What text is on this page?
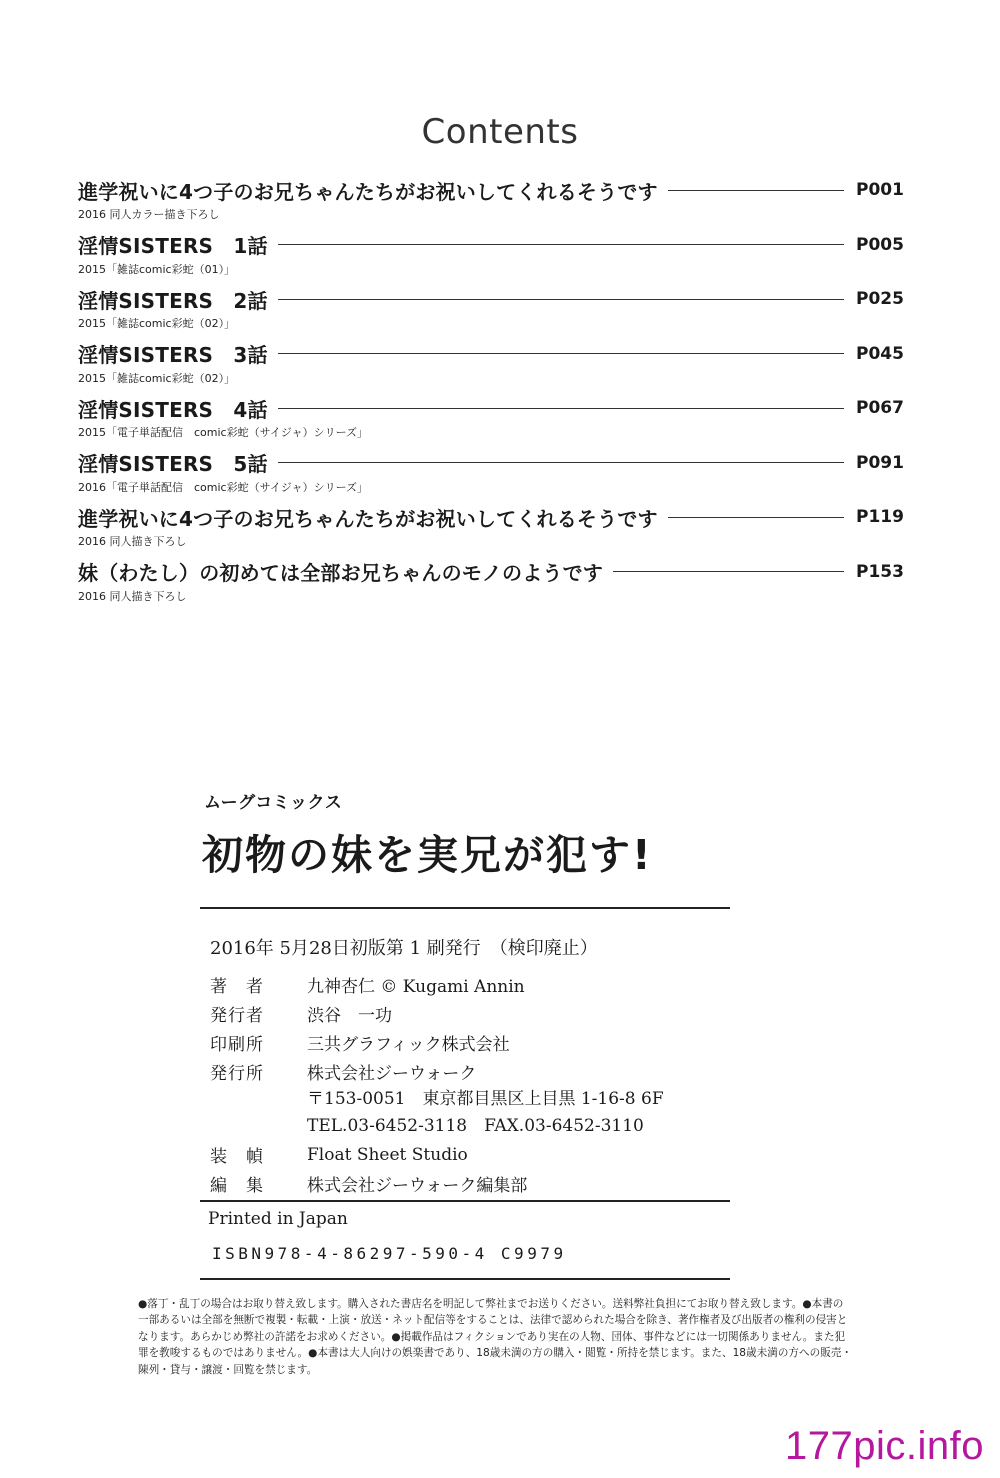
Contents
進学祝いに4つ子のお兄ちゃんたちがお祝いしてくれるそうです	P001
2016 同人カラー描き下ろし
淫情SISTERS　1話	P005
2015「雑誌comic彩蛇（01）」
淫情SISTERS　2話	P025
2015「雑誌comic彩蛇（02）」
淫情SISTERS　3話	P045
2015「雑誌comic彩蛇（02）」
淫情SISTERS　4話	P067
2015「電子単話配信　comic彩蛇（サイジャ）シリーズ」
淫情SISTERS　5話	P091
2016「電子単話配信　comic彩蛇（サイジャ）シリーズ」
進学祝いに4つ子のお兄ちゃんたちがお祝いしてくれるそうです	P119
2016 同人描き下ろし
妹（わたし）の初めては全部お兄ちゃんのモノのようです	P153
2016 同人描き下ろし
ムーグコミックス
初物の妹を実兄が犯す!
2016年 5月28日初版第 1 刷発行　（検印廃止）
著　者	九神杏仁 © Kugami Annin
発行者	渋谷　一功
印刷所	三共グラフィック株式会社
発行所	株式会社ジーウォーク
〒153-0051　東京都目黒区上目黒 1-16-8 6F
TEL.03-6452-3118　FAX.03-6452-3110
装　幀	Float Sheet Studio
編　集	株式会社ジーウォーク編集部
Printed in Japan
ISBN978-4-86297-590-4 C9979
●落丁・乱丁の場合はお取り替え致します。購入された書店名を明記して弊社までお送りください。送料弊社負担にてお取り替え致します。●本書の一部あるいは全部を無断で複製・転載・上演・放送・ネット配信等をすることは、法律で認められた場合を除き、著作権者及び出版者の権利の侵害となります。あらかじめ弊社の許諾をお求めください。●掲載作品はフィクションであり実在の人物、団体、事件などには一切関係ありません。また犯罪を教唆するものではありません。●本書は大人向けの娯楽書であり、18歳未満の方の購入・閲覧・所持を禁じます。また、18歳未満の方への販売・陳列・貸与・譲渡・回覧を禁じます。
177pic.info
